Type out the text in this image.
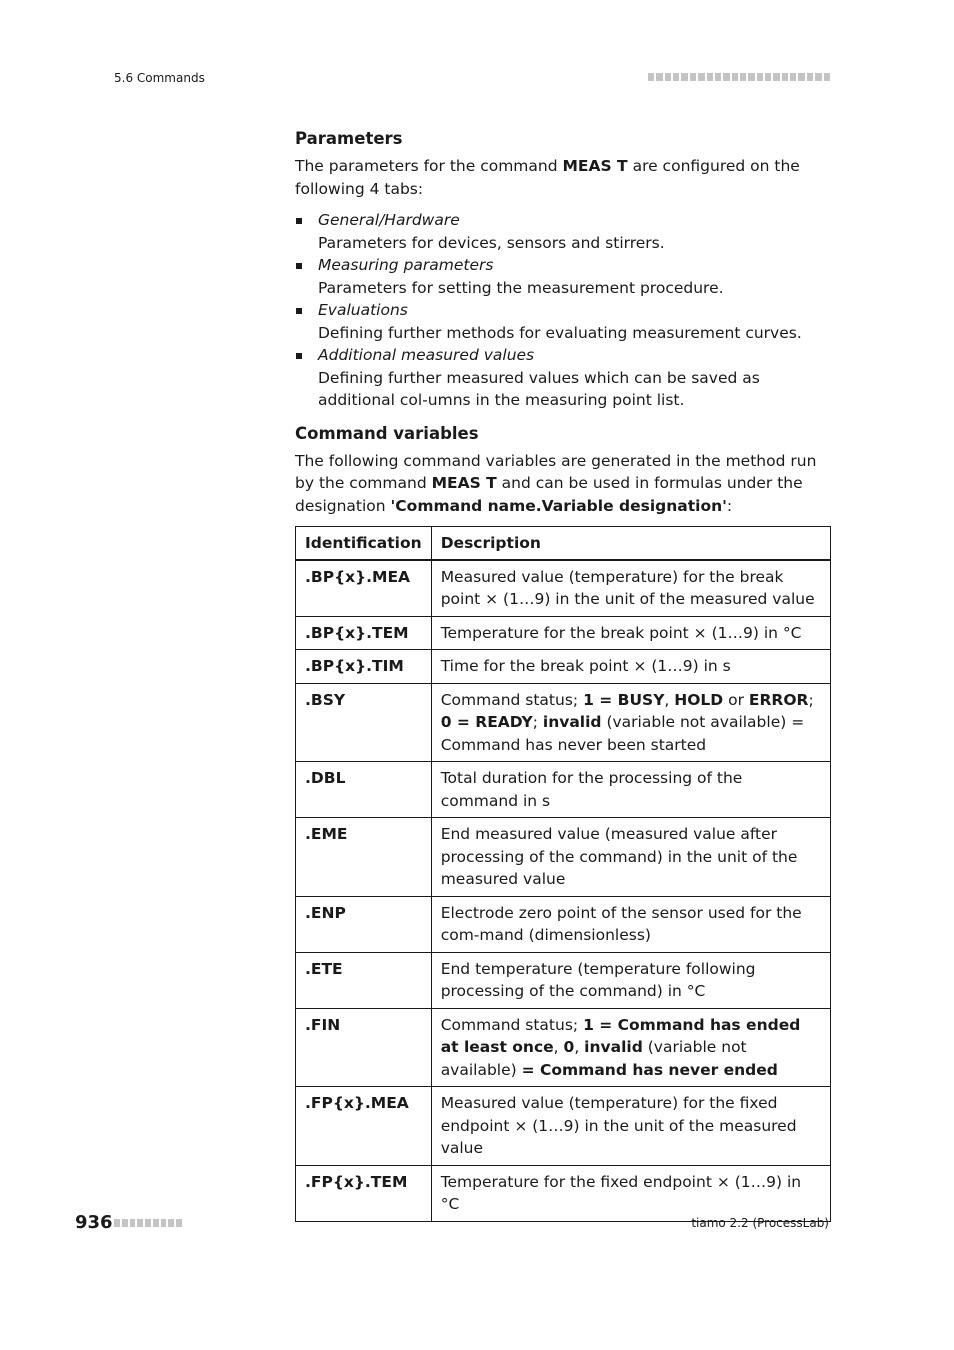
5.6 Commands
Parameters

The parameters for the command MEAS T are configured on the following 4 tabs:

General/Hardware
Parameters for devices, sensors and stirrers.
Measuring parameters
Parameters for setting the measurement procedure.
Evaluations
Defining further methods for evaluating measurement curves.
Additional measured values
Defining further measured values which can be saved as additional col-umns in the measuring point list.
Command variables

The following command variables are generated in the method run by the command MEAS T and can be used in formulas under the designation 'Command name.Variable designation':

Identification	Description
.BP{x}.MEA	Measured value (temperature) for the break point × (1…9) in the unit of the measured value
.BP{x}.TEM	Temperature for the break point × (1…9) in °C
.BP{x}.TIM	Time for the break point × (1…9) in s
.BSY	Command status; 1 = BUSY, HOLD or ERROR; 0 = READY; invalid (variable not available) = Command has never been started
.DBL	Total duration for the processing of the command in s
.EME	End measured value (measured value after processing of the command) in the unit of the measured value
.ENP	Electrode zero point of the sensor used for the com-mand (dimensionless)
.ETE	End temperature (temperature following processing of the command) in °C
.FIN	Command status; 1 = Command has ended at least once, 0, invalid (variable not available) = Command has never ended
.FP{x}.MEA	Measured value (temperature) for the fixed endpoint × (1…9) in the unit of the measured value
.FP{x}.TEM	Temperature for the fixed endpoint × (1…9) in °C
936	tiamo 2.2 (ProcessLab)
